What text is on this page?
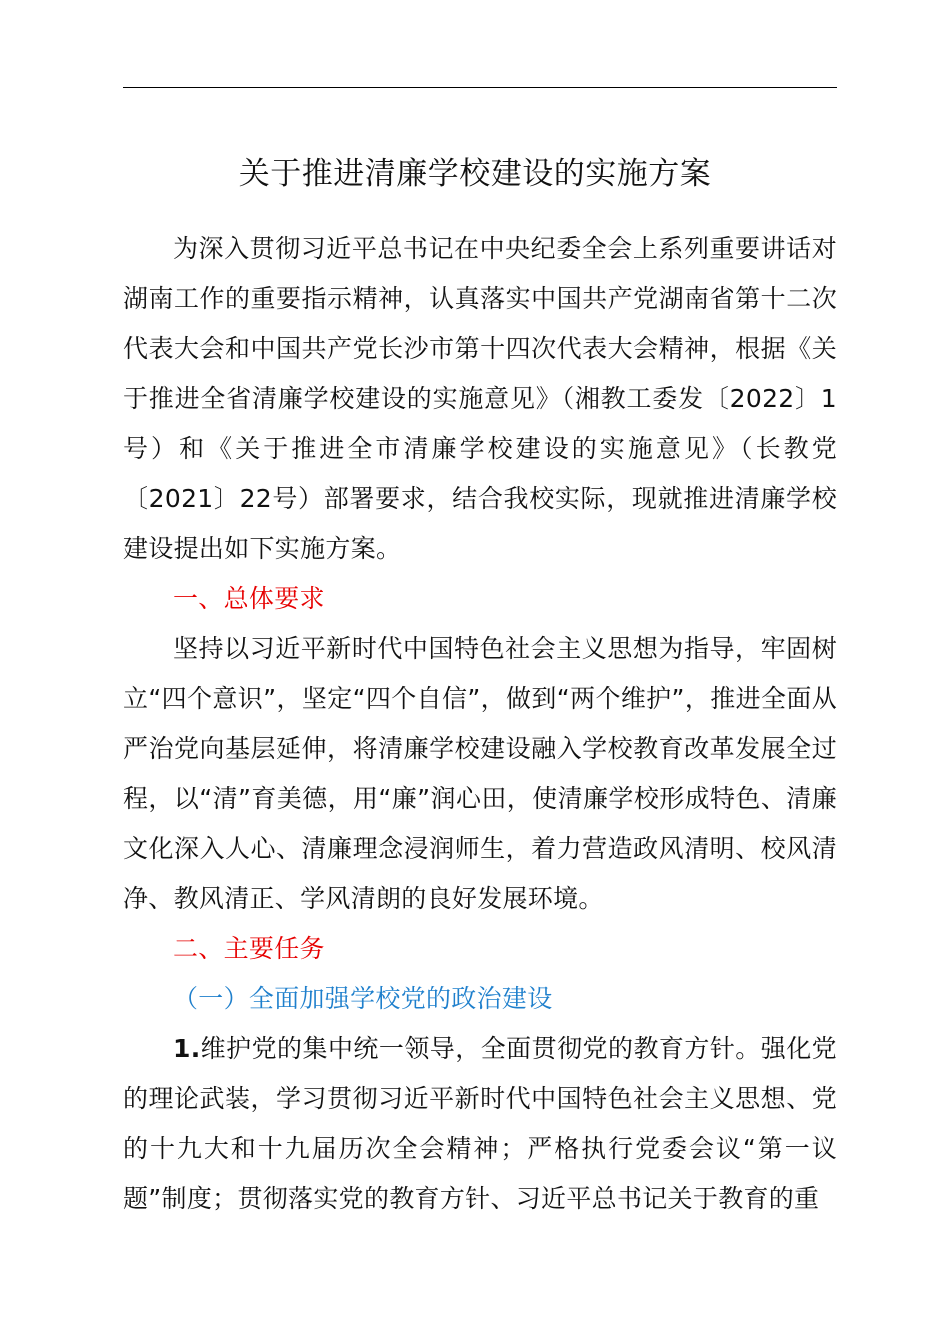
关于推进清廉学校建设的实施方案

为深入贯彻习近平总书记在中央纪委全会上系列重要讲话对湖南工作的重要指示精神，认真落实中国共产党湖南省第十二次代表大会和中国共产党长沙市第十四次代表大会精神，根据《关于推进全省清廉学校建设的实施意见》（湘教工委发〔2022〕1号）和《关于推进全市清廉学校建设的实施意见》（长教党〔2021〕22号）部署要求，结合我校实际，现就推进清廉学校建设提出如下实施方案。

一、总体要求

坚持以习近平新时代中国特色社会主义思想为指导，牢固树立“四个意识”，坚定“四个自信”，做到“两个维护”，推进全面从严治党向基层延伸，将清廉学校建设融入学校教育改革发展全过程，以“清”育美德，用“廉”润心田，使清廉学校形成特色、清廉文化深入人心、清廉理念浸润师生，着力营造政风清明、校风清净、教风清正、学风清朗的良好发展环境。

二、主要任务

（一）全面加强学校党的政治建设

1.维护党的集中统一领导，全面贯彻党的教育方针。强化党的理论武装，学习贯彻习近平新时代中国特色社会主义思想、党的十九大和十九届历次全会精神；严格执行党委会议“第一议题”制度；贯彻落实党的教育方针、习近平总书记关于教育的重
